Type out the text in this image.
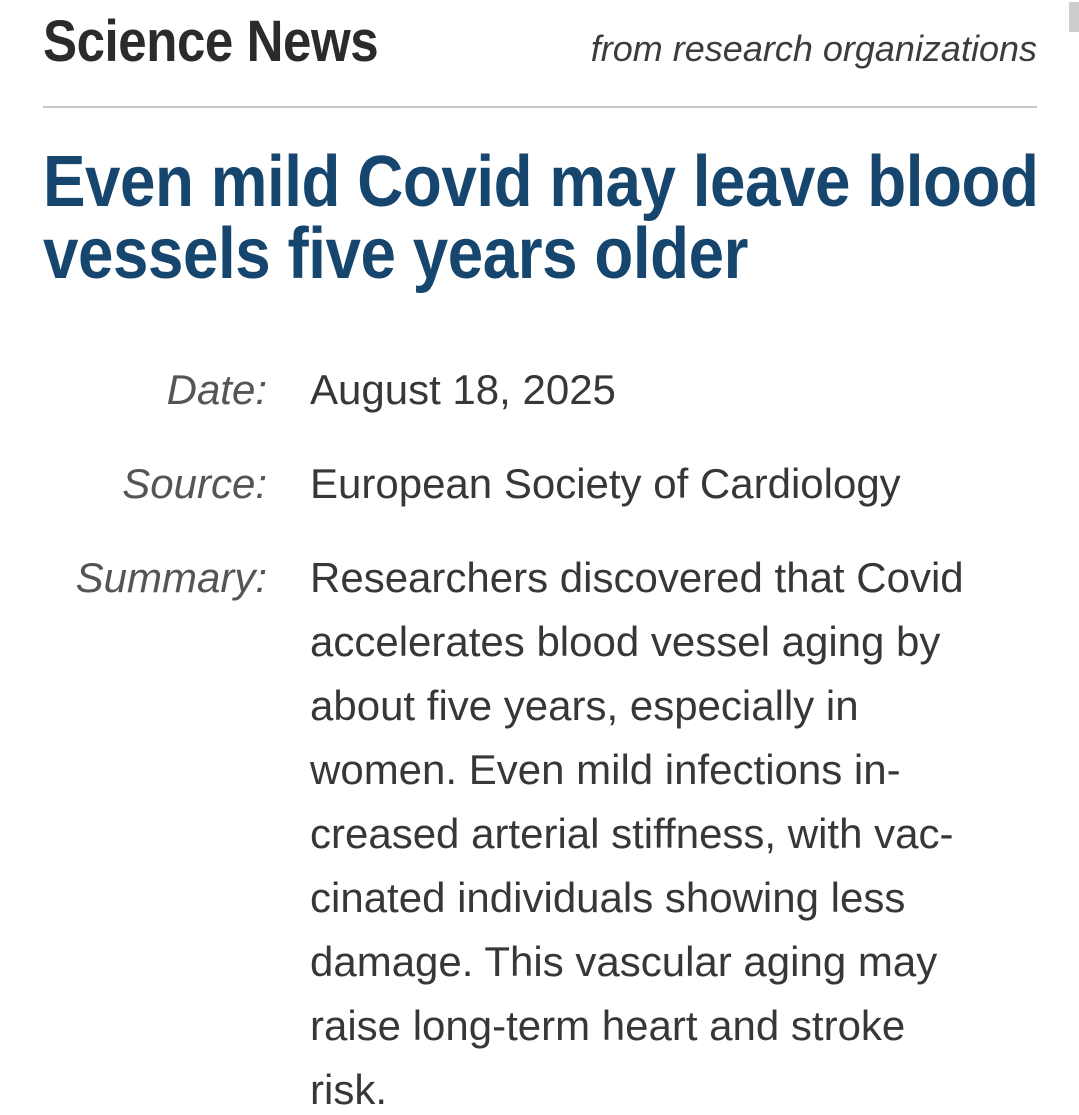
Science News	from research organizations
Even mild Covid may leave blood
vessels five years older
Date: August 18, 2025
Source: European Society of Cardiology
Summary: Researchers discovered that Covid
accelerates blood vessel aging by
about five years, especially in
women. Even mild infections in-
creased arterial stiffness, with vac-
cinated individuals showing less
damage. This vascular aging may
raise long-term heart and stroke
risk.
